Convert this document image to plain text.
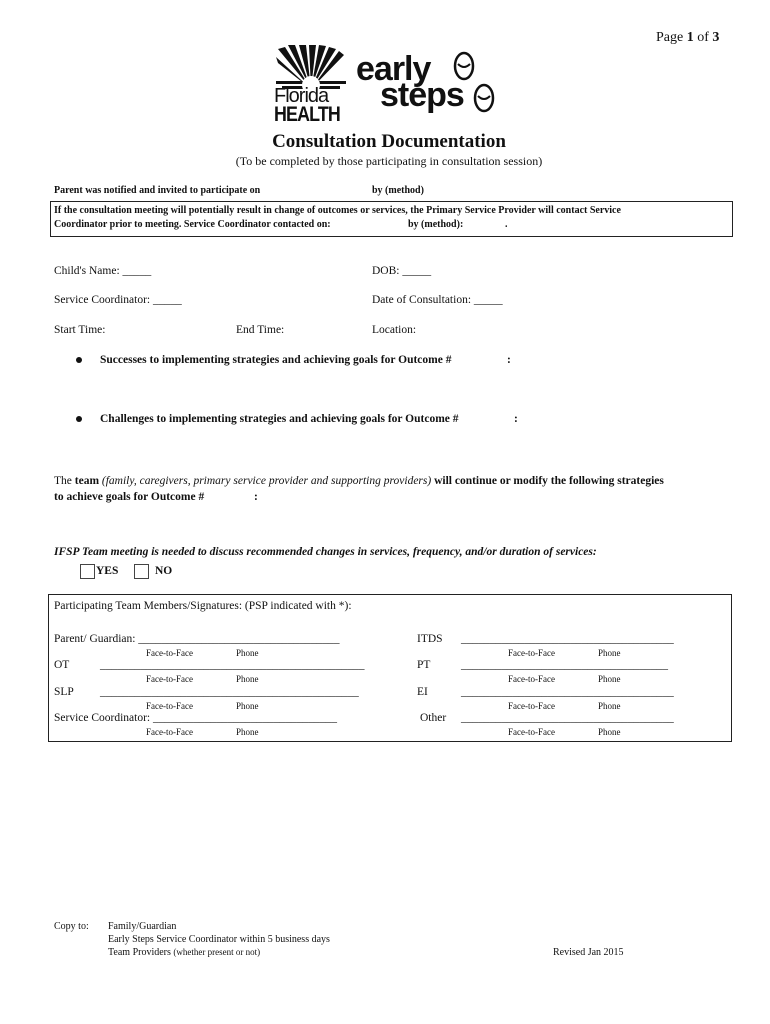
Page 1 of 3
Florida
HEALTH
early
steps
Consultation Documentation
(To be completed by those participating in consultation session)
Parent was notified and invited to participate on	by (method)
If the consultation meeting will potentially result in change of outcomes or services, the Primary Service Provider will contact Service
Coordinator prior to meeting. Service Coordinator contacted on:	by (method):	.
Child's Name: _____	DOB: _____
Service Coordinator: _____	Date of Consultation: _____
Start Time:	End Time:	Location:
Successes to implementing strategies and achieving goals for Outcome #	:
Challenges to implementing strategies and achieving goals for Outcome #	:
The team (family, caregivers, primary service provider and supporting providers) will continue or modify the following strategies
to achieve goals for Outcome #	:
IFSP Team meeting is needed to discuss recommended changes in services, frequency, and/or duration of services:
YES	NO
Participating Team Members/Signatures: (PSP indicated with *):
Parent/ Guardian: ___________________________________	ITDS _____________________________________
Face-to-Face	Phone	Face-to-Face	Phone
OT	______________________________________________	PT	____________________________________
Face-to-Face	Phone	Face-to-Face	Phone
SLP _____________________________________________	EI	_____________________________________
Face-to-Face	Phone	Face-to-Face	Phone
Service Coordinator: ________________________________	Other _____________________________________
Face-to-Face	Phone	Face-to-Face	Phone
Copy to: Family/Guardian
Early Steps Service Coordinator within 5 business days
Team Providers (whether present or not)	Revised Jan 2015
